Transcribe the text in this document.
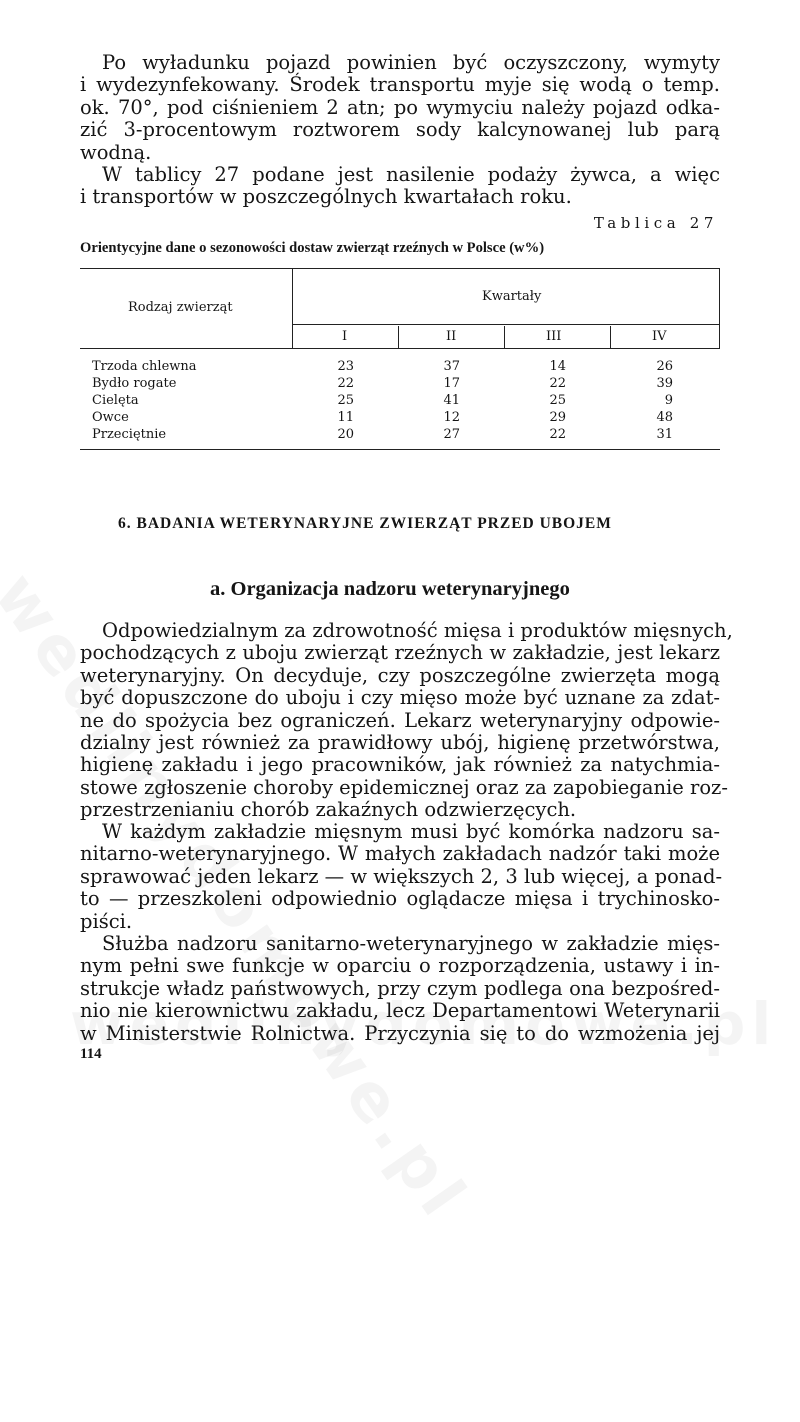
Po wyładunku pojazd powinien być oczyszczony, wymyty
i wydezynfekowany. Środek transportu myje się wodą o temp.
ok. 70°, pod ciśnieniem 2 atn; po wymyciu należy pojazd odka-
zić 3-procentowym roztworem sody kalcynowanej lub parą
wodną.

W tablicy 27 podane jest nasilenie podaży żywca, a więc
i transportów w poszczególnych kwartałach roku.

Tablica 27
Orientycyjne dane o sezonowości dostaw zwierząt rzeźnych w Polsce (w%)
Rodzaj zwierząt
Kwartały
I	II	III	IV
Trzoda chlewna	23	37	14	26
Bydło rogate	22	17	22	39
Cielęta	25	41	25	9
Owce	11	12	29	48
Przeciętnie	20	27	22	31
6. BADANIA WETERYNARYJNE ZWIERZĄT PRZED UBOJEM
a. Organizacja nadzoru weterynaryjnego

Odpowiedzialnym za zdrowotność mięsa i produktów mięsnych,
pochodzących z uboju zwierząt rzeźnych w zakładzie, jest lekarz
weterynaryjny. On decyduje, czy poszczególne zwierzęta mogą
być dopuszczone do uboju i czy mięso może być uznane za zdat-
ne do spożycia bez ograniczeń. Lekarz weterynaryjny odpowie-
dzialny jest również za prawidłowy ubój, higienę przetwórstwa,
higienę zakładu i jego pracowników, jak również za natychmia-
stowe zgłoszenie choroby epidemicznej oraz za zapobieganie roz-
przestrzenianiu chorób zakaźnych odzwierzęcych.

W każdym zakładzie mięsnym musi być komórka nadzoru sa-
nitarno-weterynaryjnego. W małych zakładach nadzór taki może
sprawować jeden lekarz — w większych 2, 3 lub więcej, a ponad-
to — przeszkoleni odpowiednio oglądacze mięsa i trychinosko-
piści.

Służba nadzoru sanitarno-weterynaryjnego w zakładzie mięs-
nym pełni swe funkcje w oparciu o rozporządzenia, ustawy i in-
strukcje władz państwowych, przy czym podlega ona bezpośred-
nio nie kierownictwu zakładu, lecz Departamentowi Weterynarii
w Ministerstwie Rolnictwa. Przyczynia się to do wzmożenia jej

114
